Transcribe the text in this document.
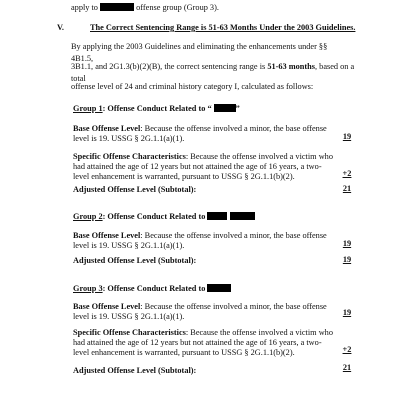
apply to	offense group (Group 3).
V.	The Correct Sentencing Range is 51-63 Months Under the 2003 Guidelines.
By applying the 2003 Guidelines and eliminating the enhancements under §§ 4B1.5,
3B1.1, and 2G1.3(b)(2)(B), the correct sentencing range is 51-63 months, based on a total
offense level of 24 and criminal history category I, calculated as follows:
Group 1: Offense Conduct Related to “	”
Base Offense Level: Because the offense involved a minor, the base offense
level is 19. USSG § 2G.1.1(a)(1).	19
Specific Offense Characteristics: Because the offense involved a victim who
had attained the age of 12 years but not attained the age of 16 years, a two-
level enhancement is warranted, pursuant to USSG § 2G.1.1(b)(2).	+2
Adjusted Offense Level (Subtotal):	21
Group 2: Offense Conduct Related to
Base Offense Level: Because the offense involved a minor, the base offense
level is 19. USSG § 2G.1.1(a)(1).	19
Adjusted Offense Level (Subtotal):	19
Group 3: Offense Conduct Related to
Base Offense Level: Because the offense involved a minor, the base offense
level is 19. USSG § 2G.1.1(a)(1).	19
Specific Offense Characteristics: Because the offense involved a victim who
had attained the age of 12 years but not attained the age of 16 years, a two-
level enhancement is warranted, pursuant to USSG § 2G.1.1(b)(2).	+2
Adjusted Offense Level (Subtotal):	21
